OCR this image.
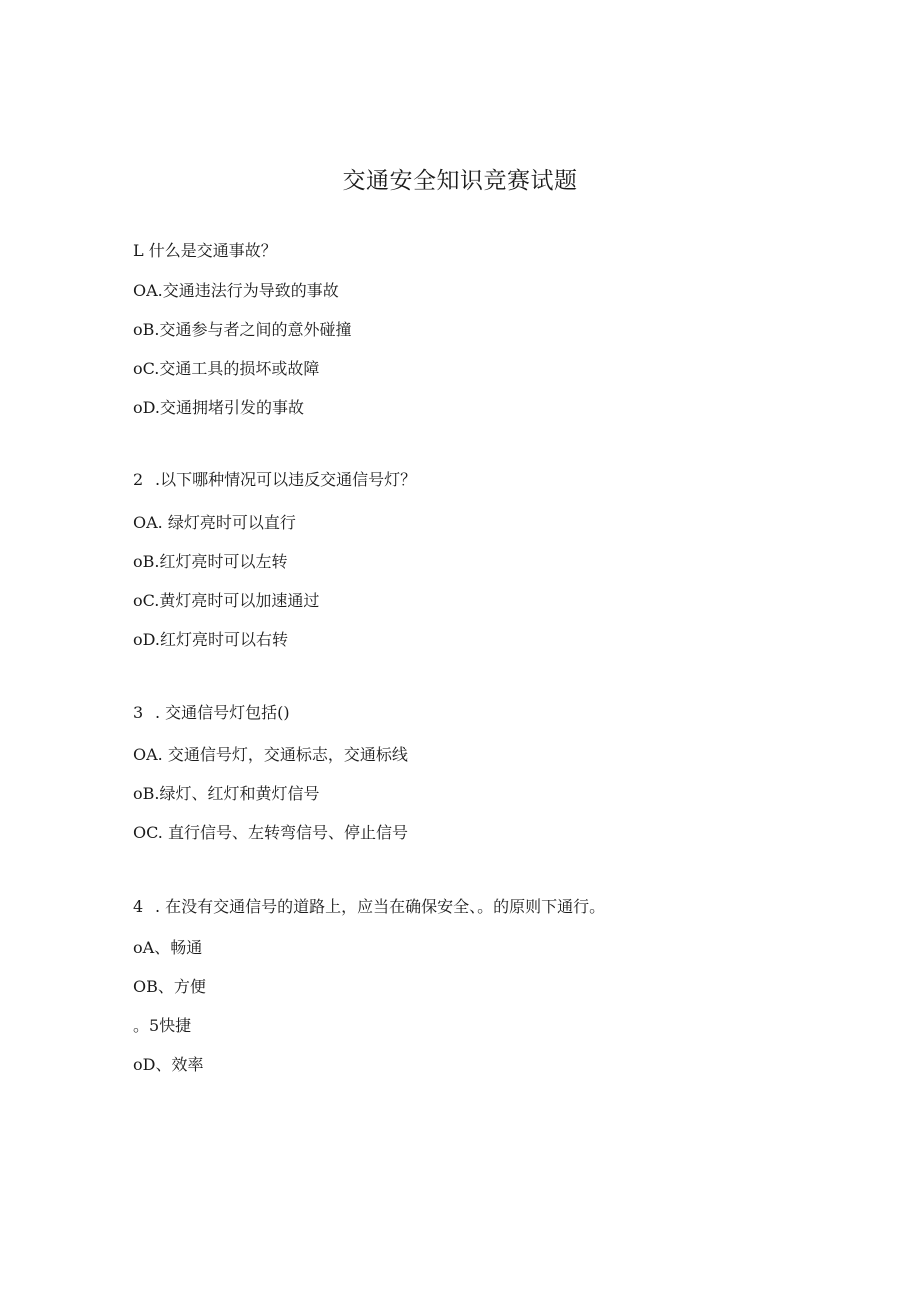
交通安全知识竞赛试题
L 什么是交通事故？
OA.交通违法行为导致的事故
oB.交通参与者之间的意外碰撞
oC.交通工具的损坏或故障
oD.交通拥堵引发的事故
2 .以下哪种情况可以违反交通信号灯？
OA. 绿灯亮时可以直行
oB.红灯亮时可以左转
oC.黄灯亮时可以加速通过
oD.红灯亮时可以右转
3 . 交通信号灯包括()
OA. 交通信号灯，交通标志，交通标线
oB.绿灯、红灯和黄灯信号
OC. 直行信号、左转弯信号、停止信号
4 . 在没有交通信号的道路上，应当在确保安全、。的原则下通行。
oA、畅通
OB、方便
。5快捷
oD、效率
